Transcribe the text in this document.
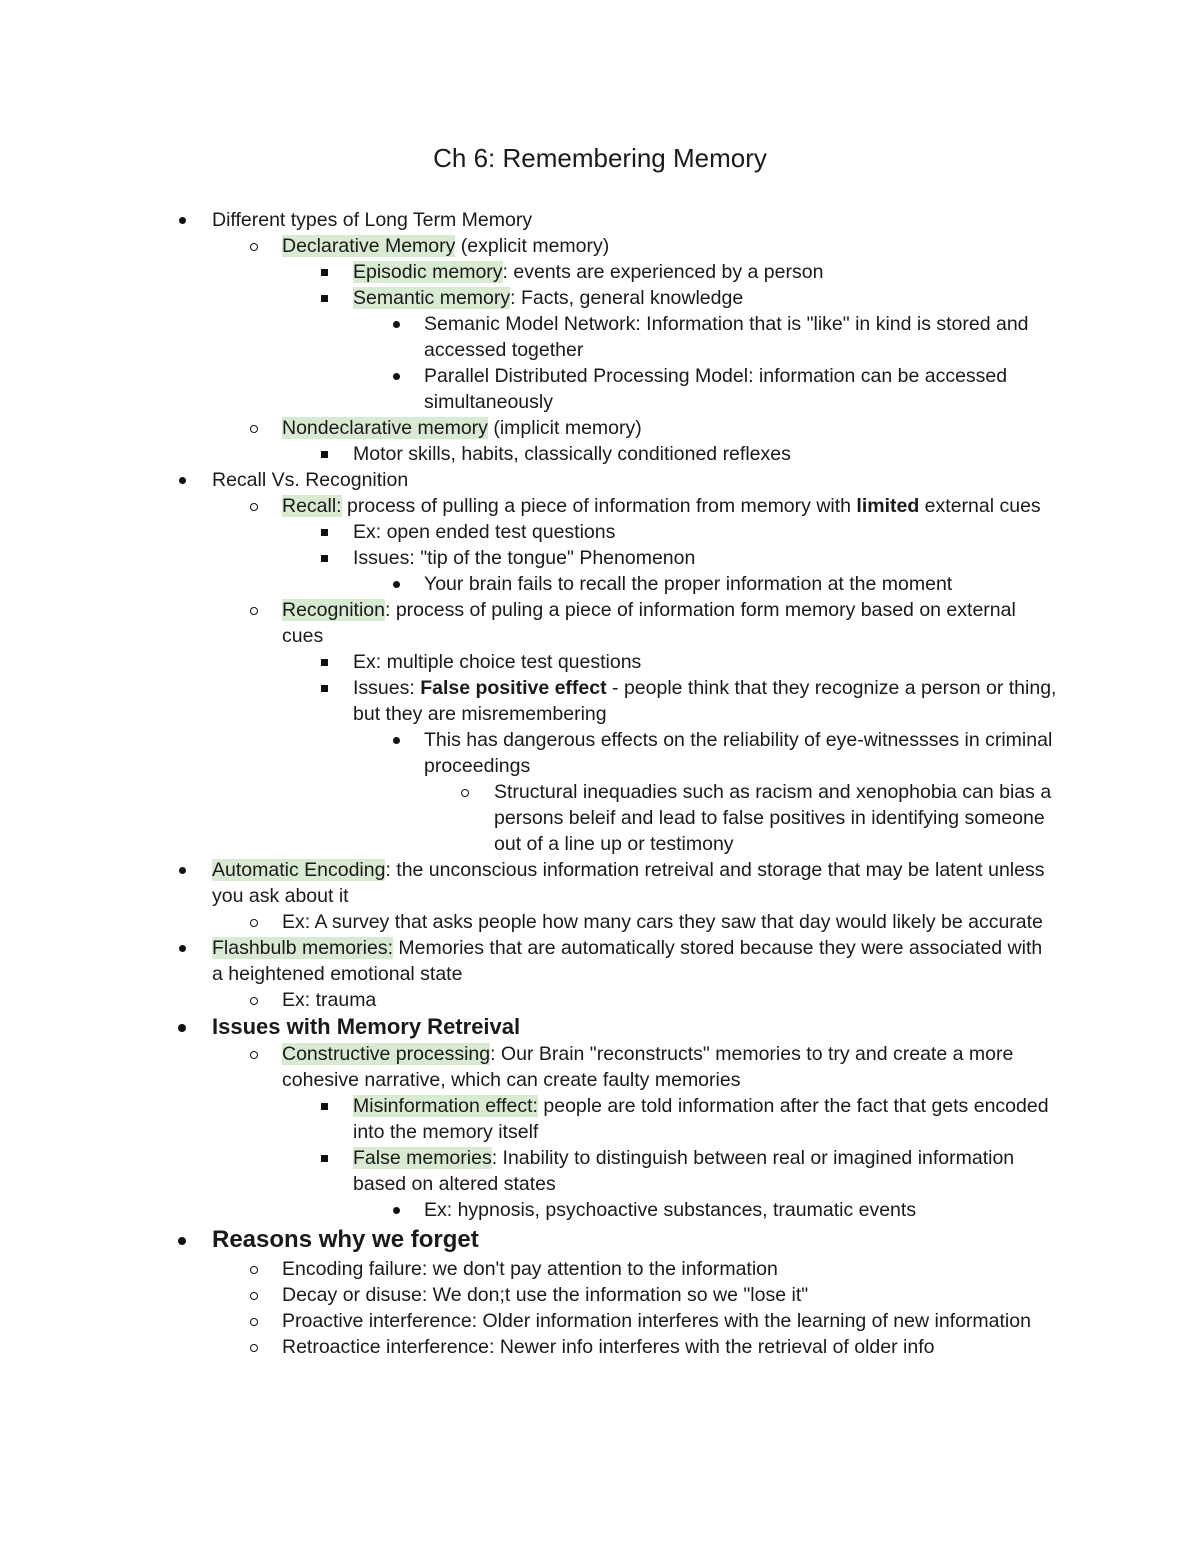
Ch 6: Remembering Memory
Different types of Long Term Memory
Declarative Memory (explicit memory)
Episodic memory: events are experienced by a person
Semantic memory: Facts, general knowledge
Semanic Model Network: Information that is "like" in kind is stored and accessed together
Parallel Distributed Processing Model: information can be accessed simultaneously
Nondeclarative memory (implicit memory)
Motor skills, habits, classically conditioned reflexes
Recall Vs. Recognition
Recall: process of pulling a piece of information from memory with limited external cues
Ex: open ended test questions
Issues: "tip of the tongue" Phenomenon
Your brain fails to recall the proper information at the moment
Recognition: process of puling a piece of information form memory based on external cues
Ex: multiple choice test questions
Issues: False positive effect - people think that they recognize a person or thing, but they are misremembering
This has dangerous effects on the reliability of eye-witnessses in criminal proceedings
Structural inequadies such as racism and xenophobia can bias a persons beleif and lead to false positives in identifying someone out of a line up or testimony
Automatic Encoding: the unconscious information retreival and storage that may be latent unless you ask about it
Ex: A survey that asks people how many cars they saw that day would likely be accurate
Flashbulb memories: Memories that are automatically stored because they were associated with a heightened emotional state
Ex: trauma
Issues with Memory Retreival
Constructive processing: Our Brain "reconstructs" memories to try and create a more cohesive narrative, which can create faulty memories
Misinformation effect: people are told information after the fact that gets encoded into the memory itself
False memories: Inability to distinguish between real or imagined information based on altered states
Ex: hypnosis, psychoactive substances, traumatic events
Reasons why we forget
Encoding failure: we don't pay attention to the information
Decay or disuse: We don;t use the information so we "lose it"
Proactive interference: Older information interferes with the learning of new information
Retroactice interference: Newer info interferes with the retrieval of older info
